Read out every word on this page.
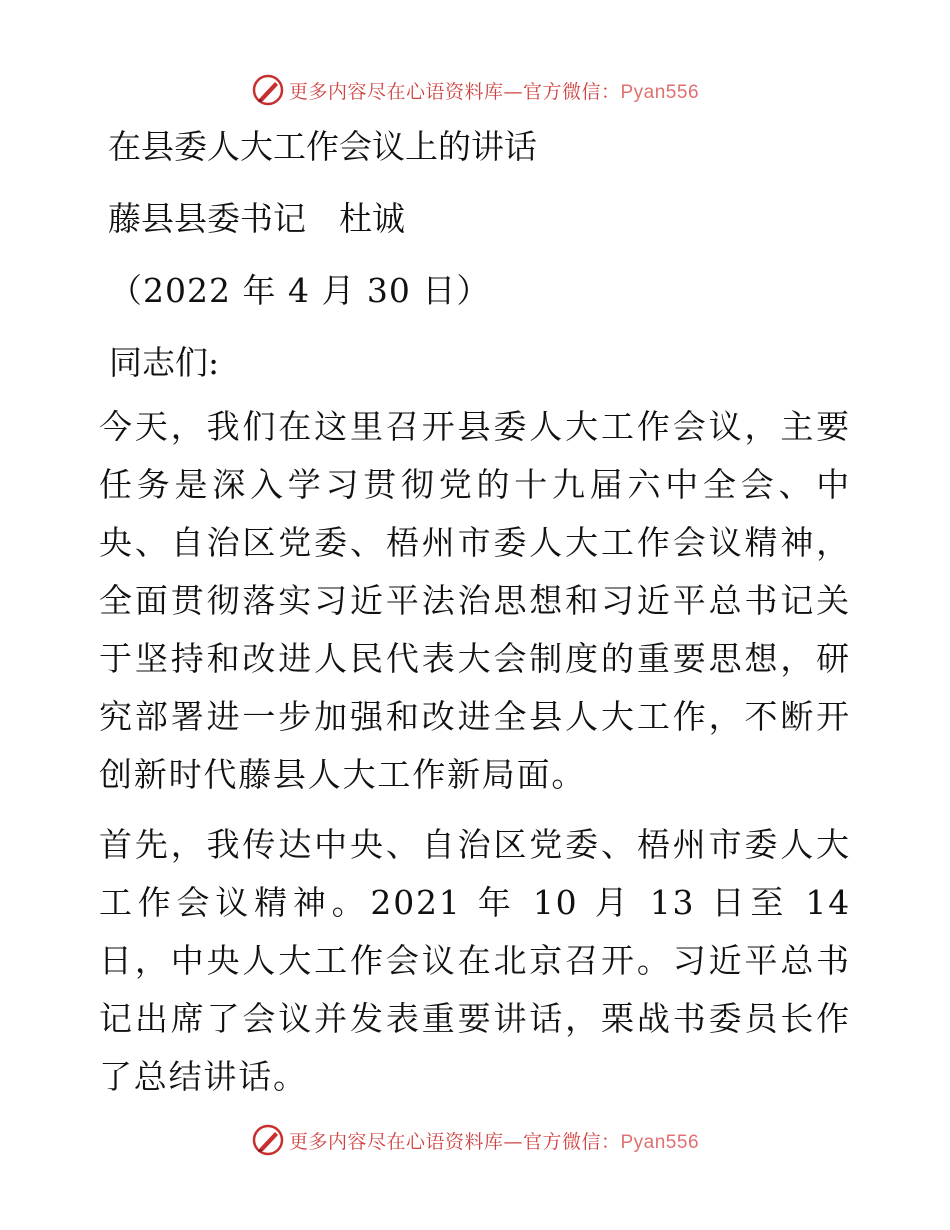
更多内容尽在心语资料库—官方微信：Pyan556

在县委人大工作会议上的讲话

藤县县委书记　杜诚

（2022 年 4 月 30 日）

同志们:

今天，我们在这里召开县委人大工作会议，主要任务是深入学习贯彻党的十九届六中全会、中央、自治区党委、梧州市委人大工作会议精神，全面贯彻落实习近平法治思想和习近平总书记关于坚持和改进人民代表大会制度的重要思想，研究部署进一步加强和改进全县人大工作，不断开创新时代藤县人大工作新局面。

首先，我传达中央、自治区党委、梧州市委人大工作会议精神。2021 年 10 月 13 日至 14 日，中央人大工作会议在北京召开。习近平总书记出席了会议并发表重要讲话，栗战书委员长作了总结讲话。

更多内容尽在心语资料库—官方微信：Pyan556
